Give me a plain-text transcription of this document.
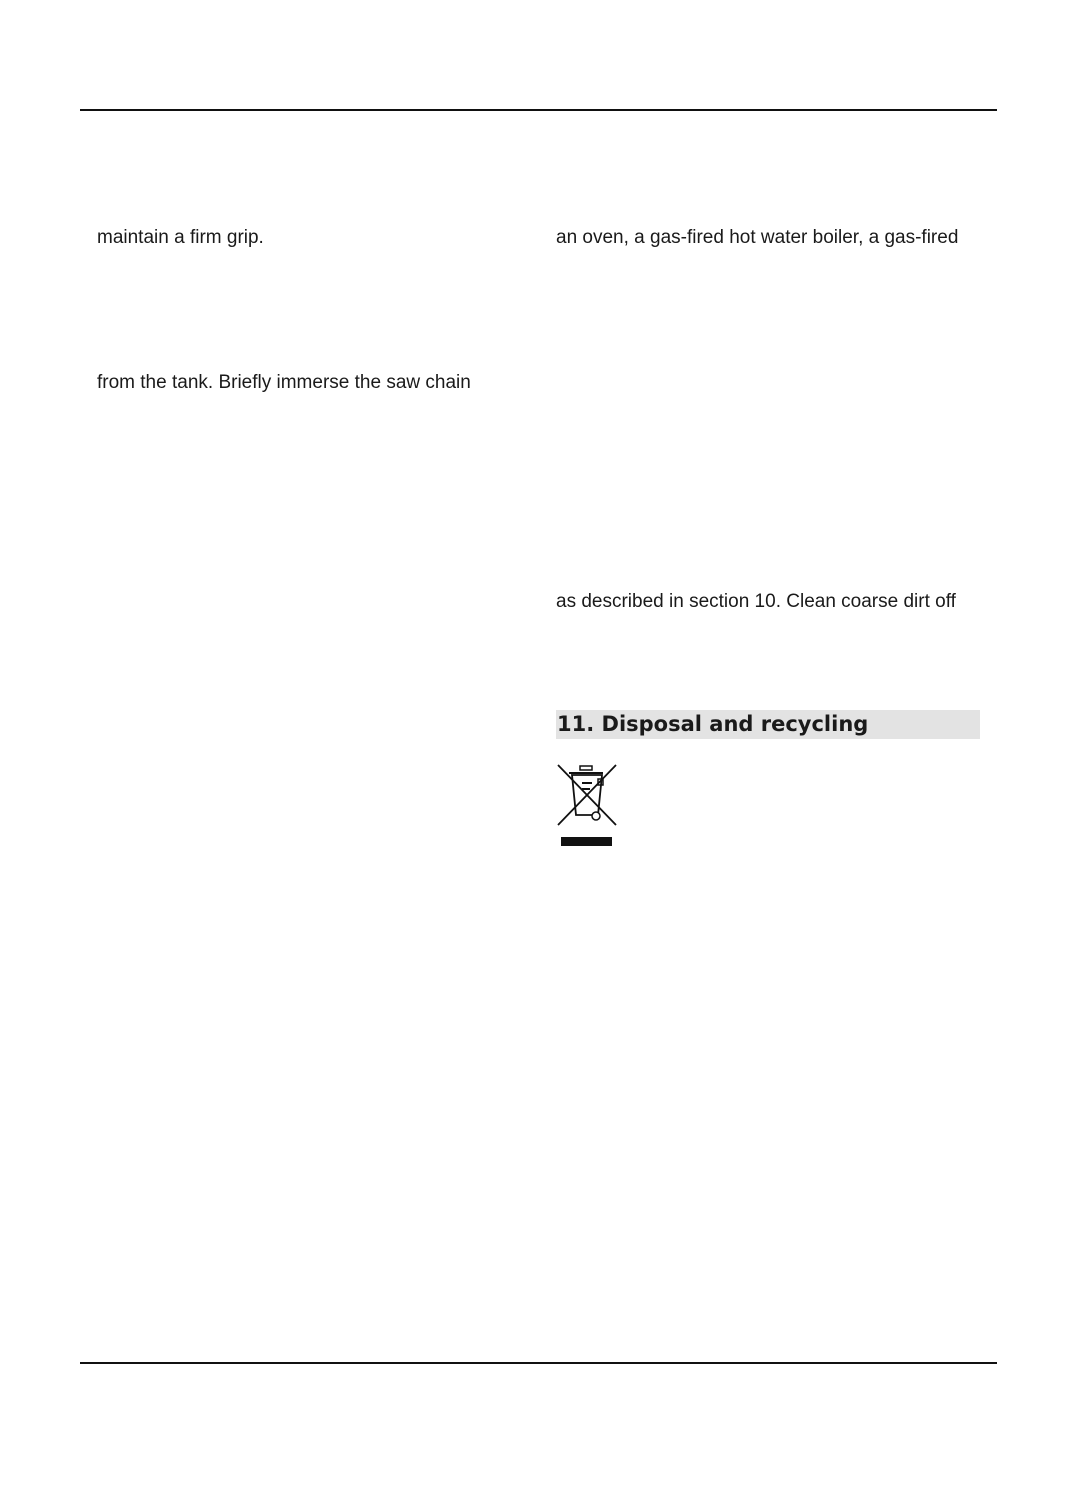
maintain a firm grip.
from the tank. Briefly immerse the saw chain
an oven, a gas-fired hot water boiler, a gas-fired
as described in section 10. Clean coarse dirt off
11. Disposal and recycling
